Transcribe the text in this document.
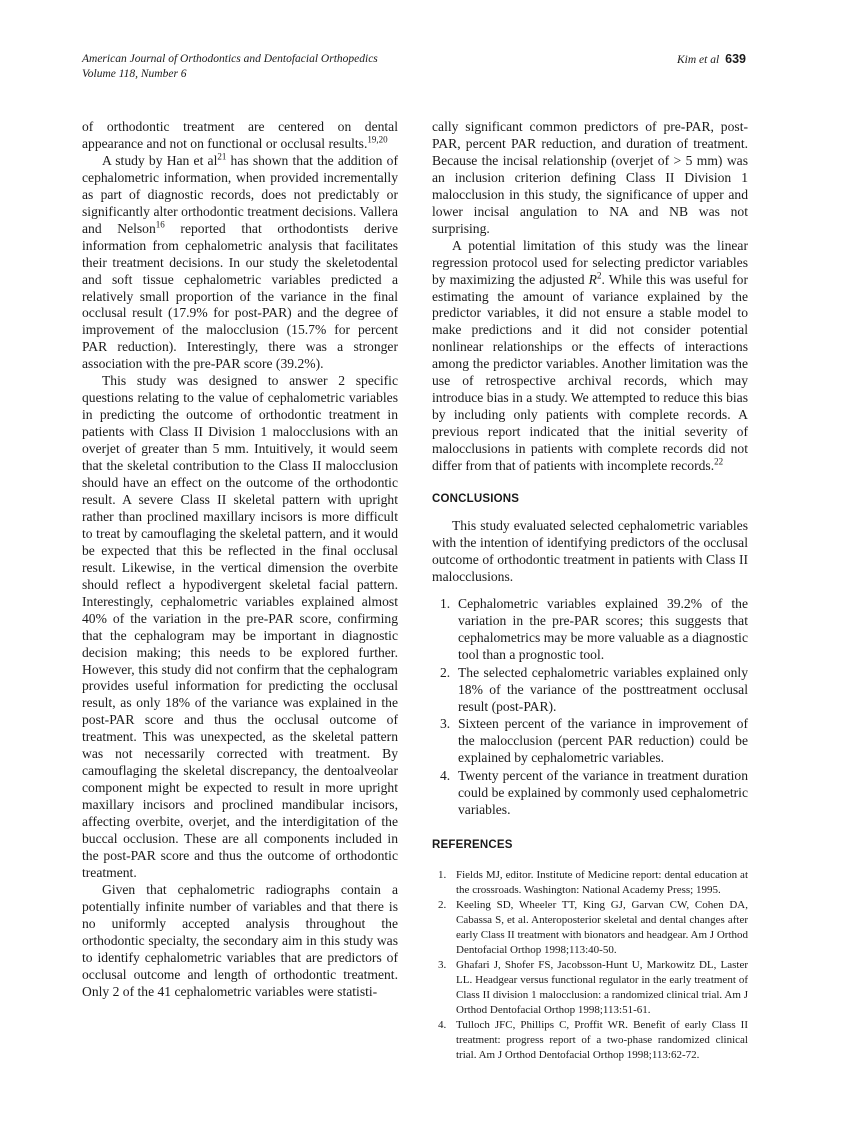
American Journal of Orthodontics and Dentofacial Orthopedics
Volume 118, Number 6
Kim et al 639

of orthodontic treatment are centered on dental appearance and not on functional or occlusal results.$^{19,20}$

A study by Han et $al^{21}$ has shown that the addition of cephalometric information, when provided incrementally as part of diagnostic records, does not predictably or significantly alter orthodontic treatment decisions. Vallera and Nelson$^{16}$ reported that orthodontists derive information from cephalometric analysis that facilitates their treatment decisions. In our study the skeletodental and soft tissue cephalometric variables predicted a relatively small proportion of the variance in the final occlusal result (17.9% for post-PAR) and the degree of improvement of the malocclusion (15.7% for percent PAR reduction). Interestingly, there was a stronger association with the pre-PAR score (39.2%).

This study was designed to answer 2 specific questions relating to the value of cephalometric variables in predicting the outcome of orthodontic treatment in patients with Class II Division 1 malocclusions with an overjet of greater than 5 mm. Intuitively, it would seem that the skeletal contribution to the Class II malocclusion should have an effect on the outcome of the orthodontic result. A severe Class II skeletal pattern with upright rather than proclined maxillary incisors is more difficult to treat by camouflaging the skeletal pattern, and it would be expected that this be reflected in the final occlusal result. Likewise, in the vertical dimension the overbite should reflect a hypodivergent skeletal facial pattern. Interestingly, cephalometric variables explained almost 40% of the variation in the pre-PAR score, confirming that the cephalogram may be important in diagnostic decision making; this needs to be explored further. However, this study did not confirm that the cephalogram provides useful information for predicting the occlusal result, as only 18% of the variance was explained in the post-PAR score and thus the occlusal outcome of treatment. This was unexpected, as the skeletal pattern was not necessarily corrected with treatment. By camouflaging the skeletal discrepancy, the dentoalveolar component might be expected to result in more upright maxillary incisors and proclined mandibular incisors, affecting overbite, overjet, and the interdigitation of the buccal occlusion. These are all components included in the post-PAR score and thus the outcome of orthodontic treatment.

Given that cephalometric radiographs contain a potentially infinite number of variables and that there is no uniformly accepted analysis throughout the orthodontic specialty, the secondary aim in this study was to identify cephalometric variables that are predictors of occlusal outcome and length of orthodontic treatment. Only 2 of the 41 cephalometric variables were statisti-

cally significant common predictors of pre-PAR, post-PAR, percent PAR reduction, and duration of treatment. Because the incisal relationship (overjet of > 5 mm) was an inclusion criterion defining Class II Division 1 malocclusion in this study, the significance of upper and lower incisal angulation to NA and NB was not surprising.

A potential limitation of this study was the linear regression protocol used for selecting predictor variables by maximizing the adjusted $R^2$. While this was useful for estimating the amount of variance explained by the predictor variables, it did not ensure a stable model to make predictions and it did not consider potential nonlinear relationships or the effects of interactions among the predictor variables. Another limitation was the use of retrospective archival records, which may introduce bias in a study. We attempted to reduce this bias by including only patients with complete records. A previous report indicated that the initial severity of malocclusions in patients with complete records did not differ from that of patients with incomplete records.$^{22}$

CONCLUSIONS

This study evaluated selected cephalometric variables with the intention of identifying predictors of the occlusal outcome of orthodontic treatment in patients with Class II malocclusions.

1. Cephalometric variables explained 39.2% of the variation in the pre-PAR scores; this suggests that cephalometrics may be more valuable as a diagnostic tool than a prognostic tool.
2. The selected cephalometric variables explained only 18% of the variance of the posttreatment occlusal result (post-PAR).
3. Sixteen percent of the variance in improvement of the malocclusion (percent PAR reduction) could be explained by cephalometric variables.
4. Twenty percent of the variance in treatment duration could be explained by commonly used cephalometric variables.
REFERENCES
1. Fields MJ, editor. Institute of Medicine report: dental education at the crossroads. Washington: National Academy Press; 1995.
2. Keeling SD, Wheeler TT, King GJ, Garvan CW, Cohen DA, Cabassa S, et al. Anteroposterior skeletal and dental changes after early Class II treatment with bionators and headgear. Am J Orthod Dentofacial Orthop 1998;113:40-50.
3. Ghafari J, Shofer FS, Jacobsson-Hunt U, Markowitz DL, Laster LL. Headgear versus functional regulator in the early treatment of Class II division 1 malocclusion: a randomized clinical trial. Am J Orthod Dentofacial Orthop 1998;113:51-61.
4. Tulloch JFC, Phillips C, Proffit WR. Benefit of early Class II treatment: progress report of a two-phase randomized clinical trial. Am J Orthod Dentofacial Orthop 1998;113:62-72.
